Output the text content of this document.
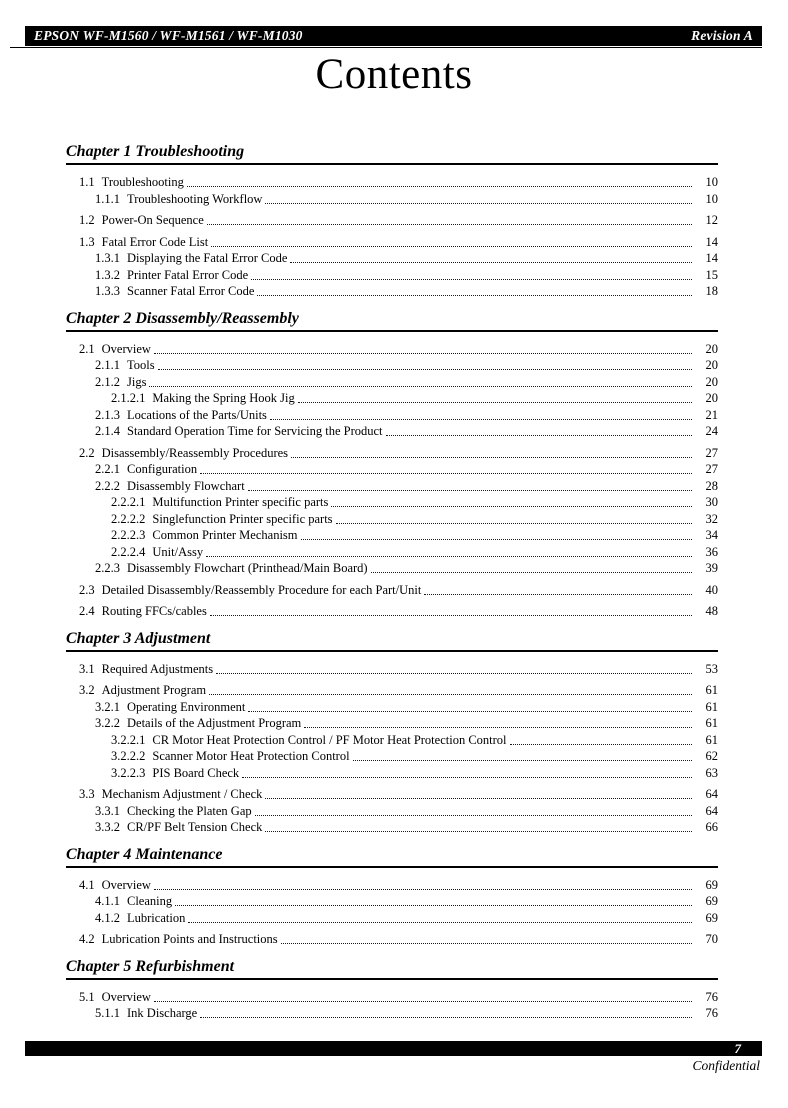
EPSON WF-M1560 / WF-M1561 / WF-M1030	Revision A
Contents
Chapter 1 Troubleshooting
1.1 Troubleshooting	10
1.1.1 Troubleshooting Workflow	10
1.2 Power-On Sequence	12
1.3 Fatal Error Code List	14
1.3.1 Displaying the Fatal Error Code	14
1.3.2 Printer Fatal Error Code	15
1.3.3 Scanner Fatal Error Code	18
Chapter 2 Disassembly/Reassembly
2.1 Overview	20
2.1.1 Tools	20
2.1.2 Jigs	20
2.1.2.1 Making the Spring Hook Jig	20
2.1.3 Locations of the Parts/Units	21
2.1.4 Standard Operation Time for Servicing the Product	24
2.2 Disassembly/Reassembly Procedures	27
2.2.1 Configuration	27
2.2.2 Disassembly Flowchart	28
2.2.2.1 Multifunction Printer specific parts	30
2.2.2.2 Singlefunction Printer specific parts	32
2.2.2.3 Common Printer Mechanism	34
2.2.2.4 Unit/Assy	36
2.2.3 Disassembly Flowchart (Printhead/Main Board)	39
2.3 Detailed Disassembly/Reassembly Procedure for each Part/Unit	40
2.4 Routing FFCs/cables	48
Chapter 3 Adjustment
3.1 Required Adjustments	53
3.2 Adjustment Program	61
3.2.1 Operating Environment	61
3.2.2 Details of the Adjustment Program	61
3.2.2.1 CR Motor Heat Protection Control / PF Motor Heat Protection Control	61
3.2.2.2 Scanner Motor Heat Protection Control	62
3.2.2.3 PIS Board Check	63
3.3 Mechanism Adjustment / Check	64
3.3.1 Checking the Platen Gap	64
3.3.2 CR/PF Belt Tension Check	66
Chapter 4 Maintenance
4.1 Overview	69
4.1.1 Cleaning	69
4.1.2 Lubrication	69
4.2 Lubrication Points and Instructions	70
Chapter 5 Refurbishment
5.1 Overview	76
5.1.1 Ink Discharge	76
7
Confidential
